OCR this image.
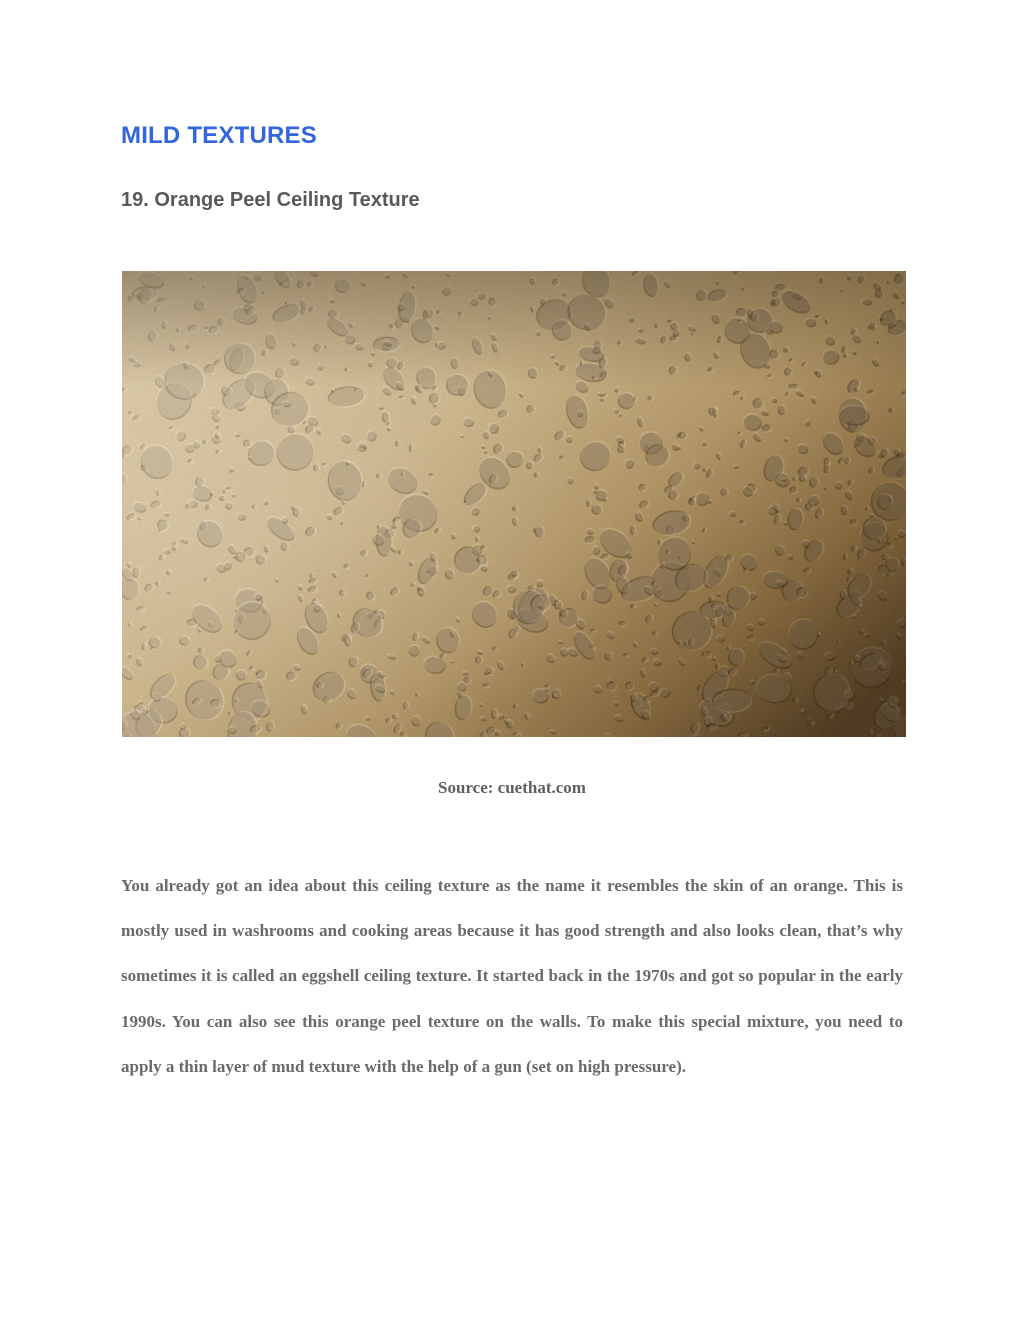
MILD TEXTURES
19. Orange Peel Ceiling Texture

Source: cuethat.com

You already got an idea about this ceiling texture as the name it resembles the skin of an orange. This is mostly used in washrooms and cooking areas because it has good strength and also looks clean, that’s why sometimes it is called an eggshell ceiling texture. It started back in the 1970s and got so popular in the early 1990s. You can also see this orange peel texture on the walls. To make this special mixture, you need to apply a thin layer of mud texture with the help of a gun (set on high pressure).
